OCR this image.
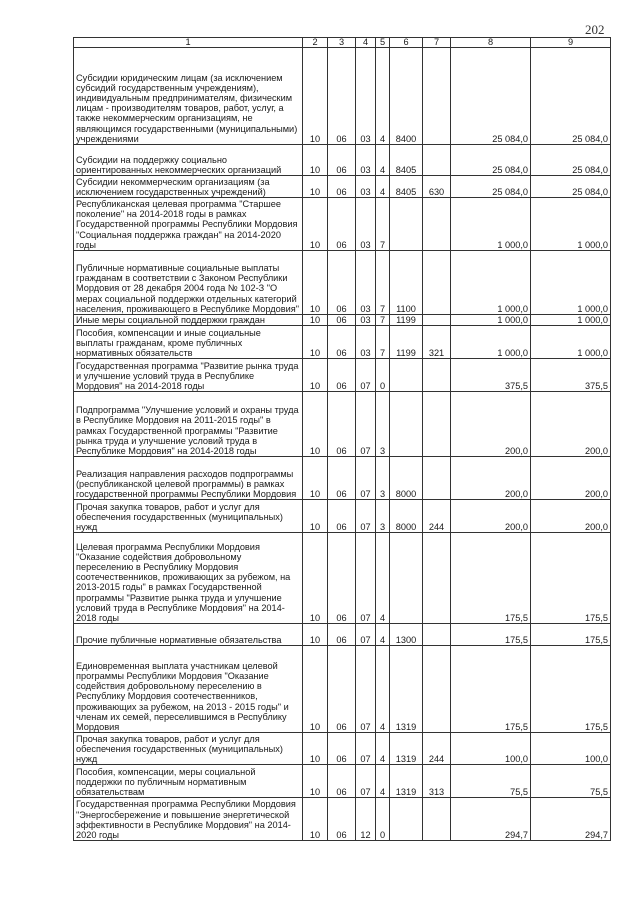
202
1	2	3	4	5	6	7	8	9
Субсидии юридическим лицам (за исключением субсидий государственным учреждениям), индивидуальным предпринимателям, физическим лицам - производителям товаров, работ, услуг, а также некоммерческим организациям, не являющимся государственными (муниципальными) учреждениями	10	06	03	4	8400		25 084,0	25 084,0
Субсидии на поддержку социально ориентированных некоммерческих организаций	10	06	03	4	8405		25 084,0	25 084,0
Субсидии некоммерческим организациям (за исключением государственных учреждений)	10	06	03	4	8405	630	25 084,0	25 084,0
Республиканская целевая программа "Старшее поколение" на 2014-2018 годы в рамках Государственной программы Республики Мордовия "Социальная поддержка граждан" на 2014-2020 годы	10	06	03	7			1 000,0	1 000,0
Публичные нормативные социальные выплаты гражданам в соответствии с Законом Республики Мордовия от 28 декабря 2004 года № 102-З "О мерах социальной поддержки отдельных категорий населения, проживающего в Республике Мордовия"	10	06	03	7	1100		1 000,0	1 000,0
Иные меры социальной поддержки граждан	10	06	03	7	1199		1 000,0	1 000,0
Пособия, компенсации и иные социальные выплаты гражданам, кроме публичных нормативных обязательств	10	06	03	7	1199	321	1 000,0	1 000,0
Государственная программа "Развитие рынка труда и улучшение условий труда в Республике Мордовия" на 2014-2018 годы	10	06	07	0			375,5	375,5
Подпрограмма "Улучшение условий и охраны труда в Республике Мордовия на 2011-2015 годы" в рамках Государственной программы "Развитие рынка труда и улучшение условий труда в Республике Мордовия" на 2014-2018 годы	10	06	07	3			200,0	200,0
Реализация направления расходов подпрограммы (республиканской целевой программы) в рамках государственной программы Республики Мордовия	10	06	07	3	8000		200,0	200,0
Прочая закупка товаров, работ и услуг для обеспечения государственных (муниципальных) нужд	10	06	07	3	8000	244	200,0	200,0
Целевая программа Республики Мордовия "Оказание содействия добровольному переселению в Республику Мордовия соотечественников, проживающих за рубежом, на 2013-2015 годы" в рамках Государственной программы "Развитие рынка труда и улучшение условий труда в Республике Мордовия" на 2014-2018 годы	10	06	07	4			175,5	175,5
Прочие публичные нормативные обязательства	10	06	07	4	1300		175,5	175,5
Единовременная выплата участникам целевой программы Республики Мордовия "Оказание содействия добровольному переселению в Республику Мордовия соотечественников, проживающих за рубежом, на 2013 - 2015 годы" и членам их семей, переселившимся в Республику Мордовия	10	06	07	4	1319		175,5	175,5
Прочая закупка товаров, работ и услуг для обеспечения государственных (муниципальных) нужд	10	06	07	4	1319	244	100,0	100,0
Пособия, компенсации, меры социальной поддержки по публичным нормативным обязательствам	10	06	07	4	1319	313	75,5	75,5
Государственная программа Республики Мордовия "Энергосбережение и повышение энергетической эффективности в Республике Мордовия" на 2014-2020 годы	10	06	12	0			294,7	294,7
